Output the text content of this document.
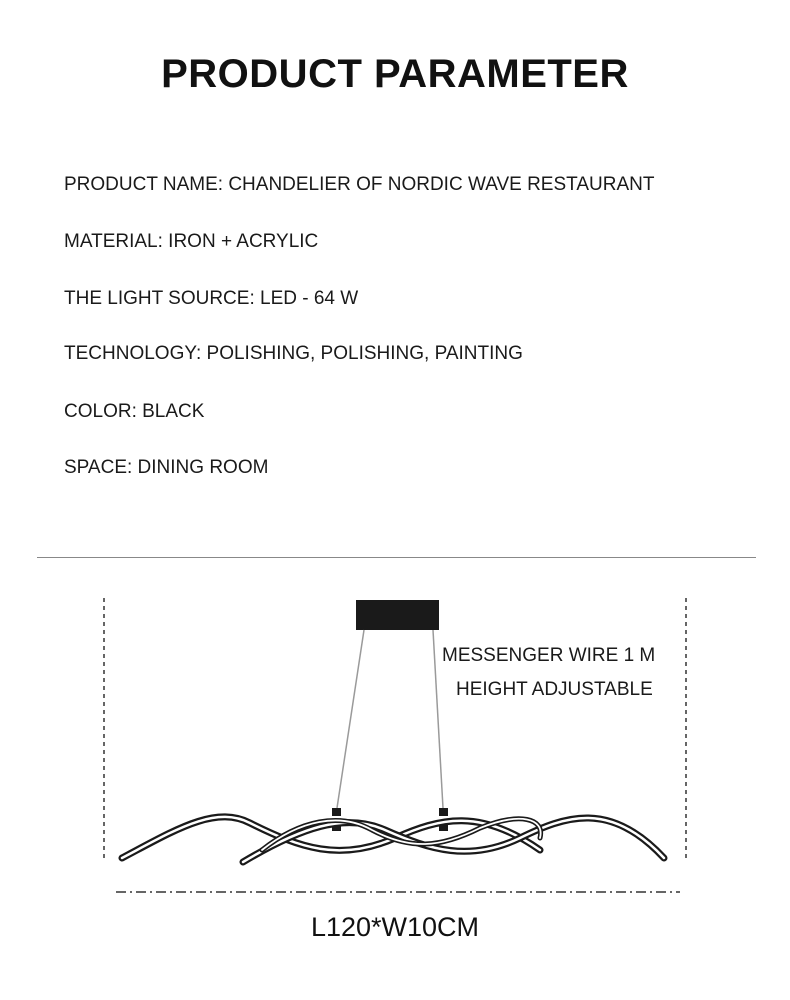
PRODUCT PARAMETER
PRODUCT NAME: CHANDELIER OF NORDIC WAVE RESTAURANT
MATERIAL: IRON + ACRYLIC
THE LIGHT SOURCE: LED - 64 W
TECHNOLOGY: POLISHING, POLISHING, PAINTING
COLOR: BLACK
SPACE: DINING ROOM
MESSENGER WIRE 1 M
HEIGHT ADJUSTABLE
L120*W10CM
